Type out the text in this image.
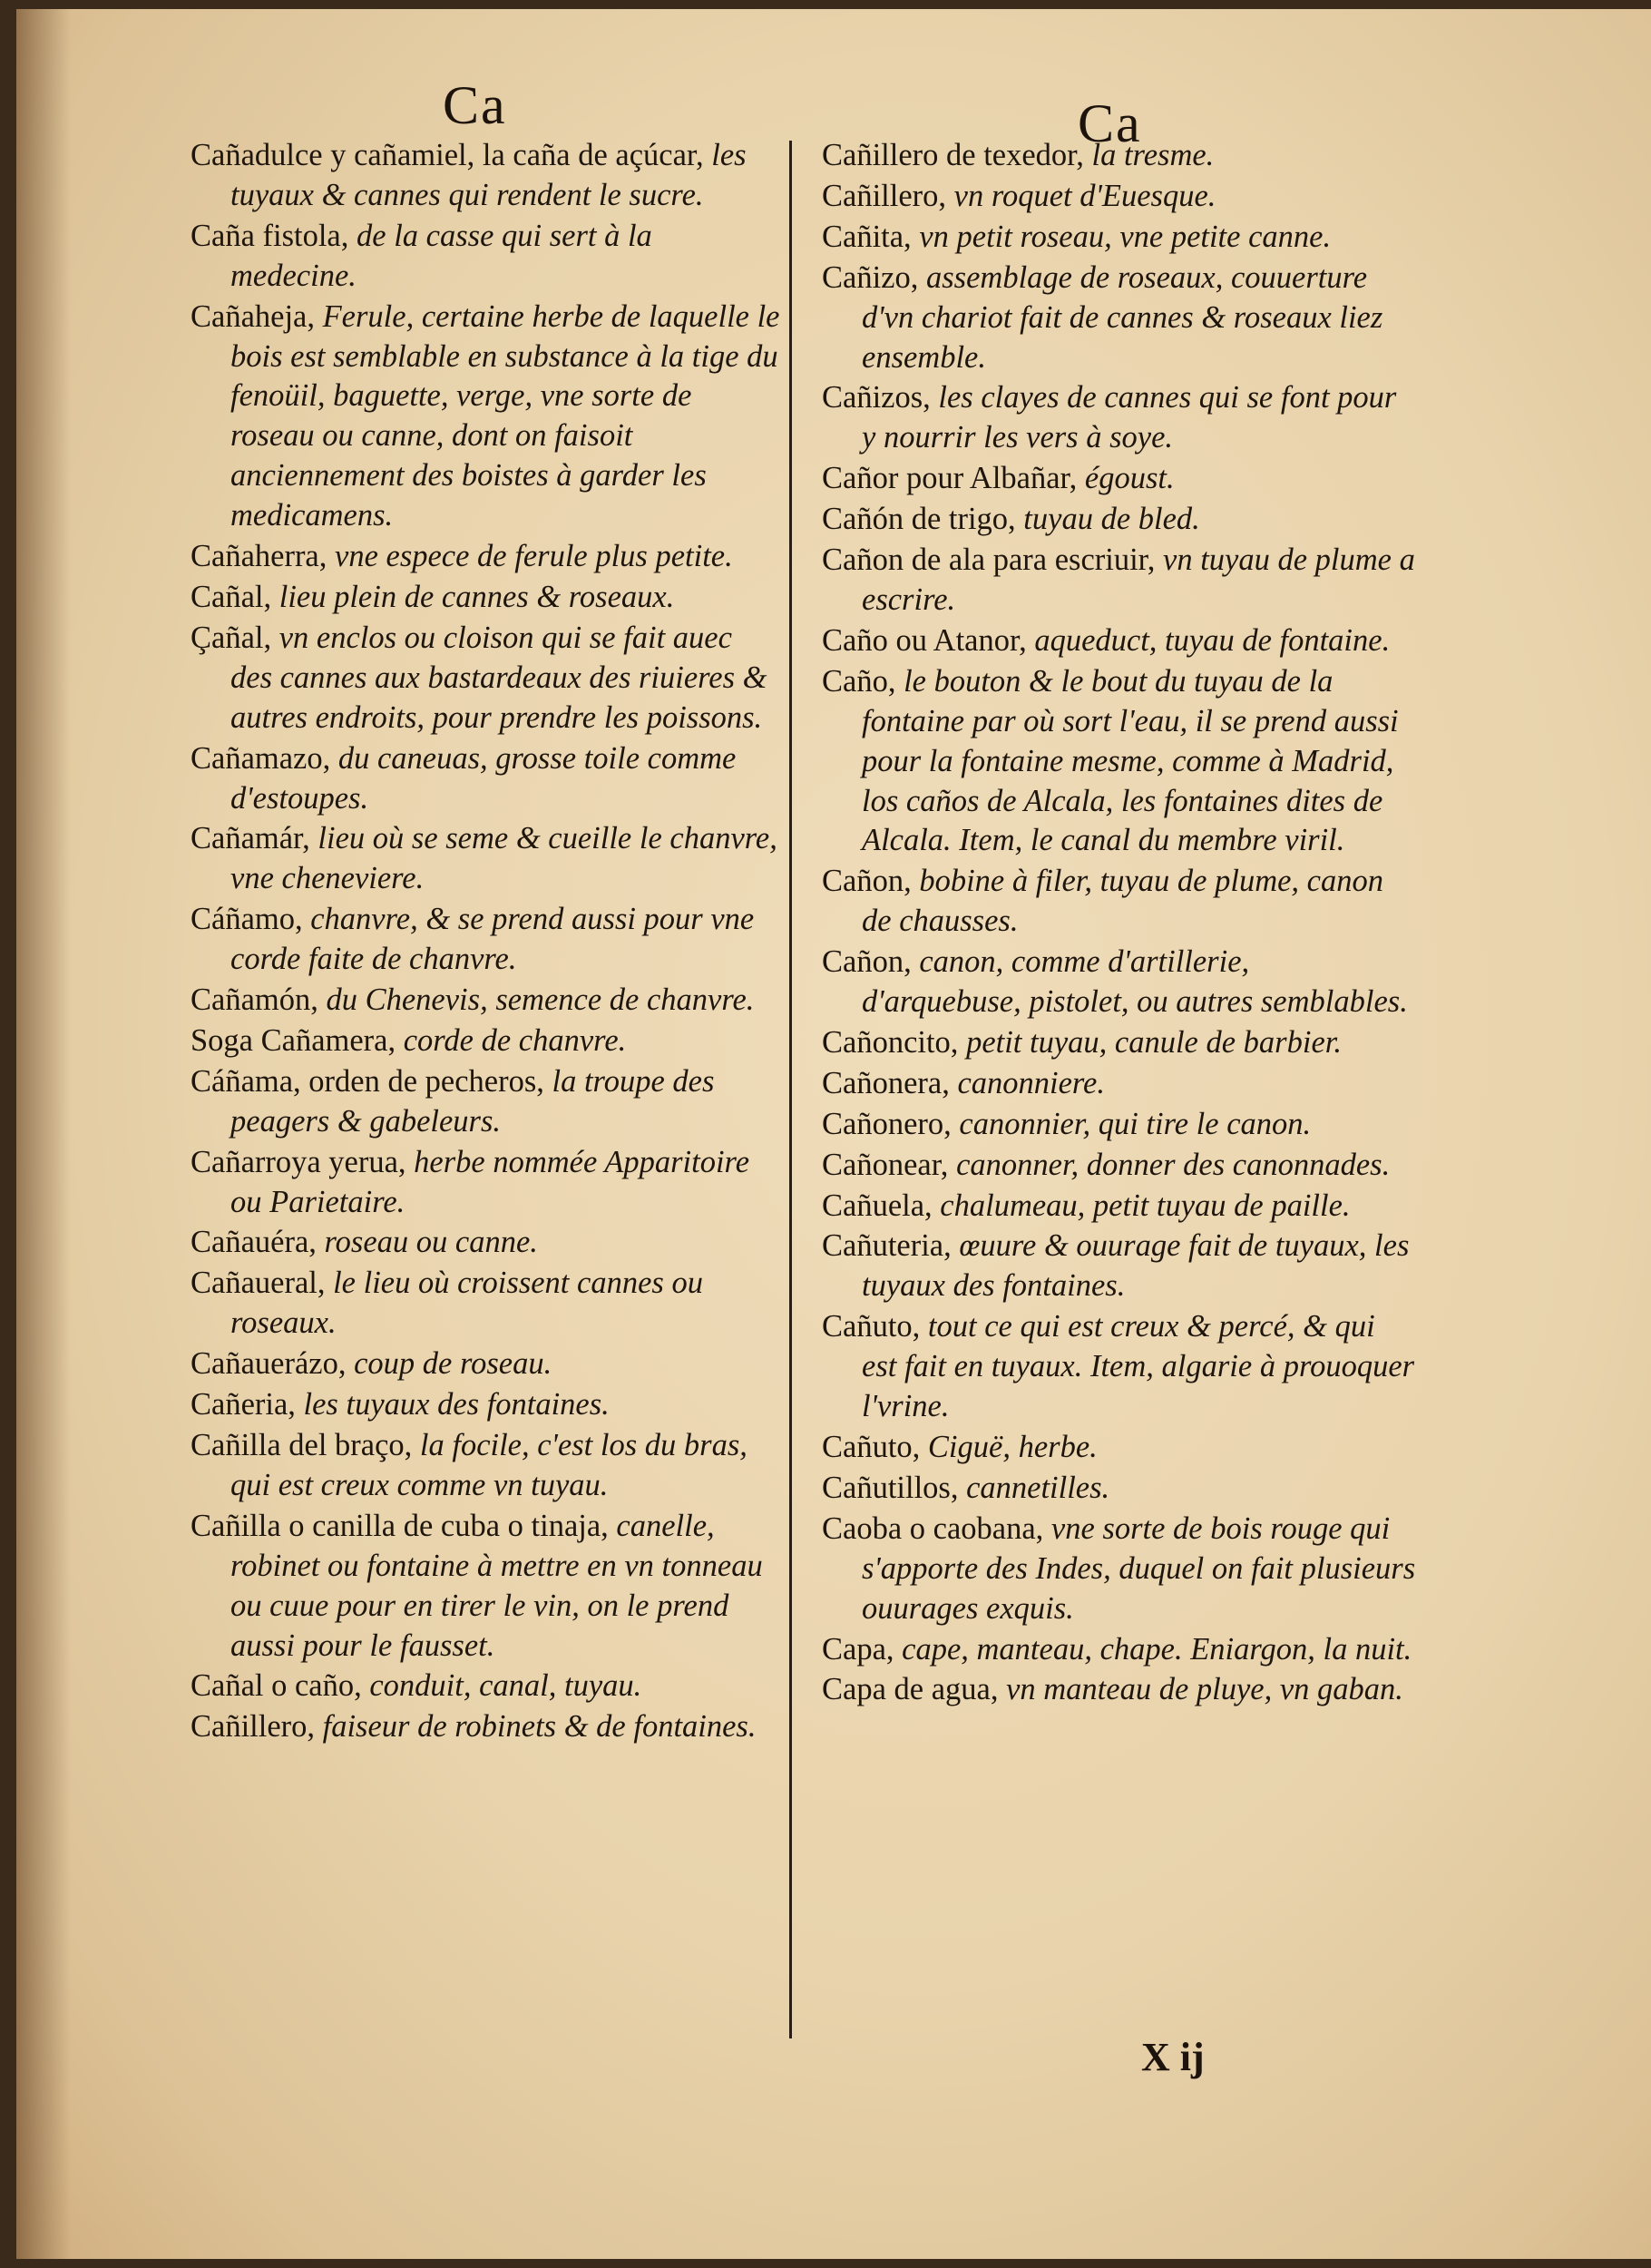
Ca	Ca

Cañadulce y cañamiel, la caña de açúcar, les tuyaux & cannes qui rendent le sucre.

Caña fistola, de la casse qui sert à la medecine.

Cañaheja, Ferule, certaine herbe de laquelle le bois est semblable en substance à la tige du fenoüil, baguette, verge, vne sorte de roseau ou canne, dont on faisoit anciennement des boistes à garder les medicamens.

Cañaherra, vne espece de ferule plus petite.

Cañal, lieu plein de cannes & roseaux.

Çañal, vn enclos ou cloison qui se fait auec des cannes aux bastardeaux des riuieres & autres endroits, pour prendre les poissons.

Cañamazo, du caneuas, grosse toile comme d'estoupes.

Cañamár, lieu où se seme & cueille le chanvre, vne cheneviere.

Cáñamo, chanvre, & se prend aussi pour vne corde faite de chanvre.

Cañamón, du Chenevis, semence de chanvre.

Soga Cañamera, corde de chanvre.

Cáñama, orden de pecheros, la troupe des peagers & gabeleurs.

Cañarroya yerua, herbe nommée Apparitoire ou Parietaire.

Cañauéra, roseau ou canne.

Cañaueral, le lieu où croissent cannes ou roseaux.

Cañauerázo, coup de roseau.

Cañeria, les tuyaux des fontaines.

Cañilla del braço, la focile, c'est los du bras, qui est creux comme vn tuyau.

Cañilla o canilla de cuba o tinaja, canelle, robinet ou fontaine à mettre en vn tonneau ou cuue pour en tirer le vin, on le prend aussi pour le fausset.

Cañal o caño, conduit, canal, tuyau.

Cañillero, faiseur de robinets & de fontaines.

Cañillero de texedor, la tresme.

Cañillero, vn roquet d'Euesque.

Cañita, vn petit roseau, vne petite canne.

Cañizo, assemblage de roseaux, couuerture d'vn chariot fait de cannes & roseaux liez ensemble.

Cañizos, les clayes de cannes qui se font pour y nourrir les vers à soye.

Cañor pour Albañar, égoust.

Cañón de trigo, tuyau de bled.

Cañon de ala para escriuir, vn tuyau de plume a escrire.

Caño ou Atanor, aqueduct, tuyau de fontaine.

Caño, le bouton & le bout du tuyau de la fontaine par où sort l'eau, il se prend aussi pour la fontaine mesme, comme à Madrid, los caños de Alcala, les fontaines dites de Alcala. Item, le canal du membre viril.

Cañon, bobine à filer, tuyau de plume, canon de chausses.

Cañon, canon, comme d'artillerie, d'arquebuse, pistolet, ou autres semblables.

Cañoncito, petit tuyau, canule de barbier.

Cañonera, canonniere.

Cañonero, canonnier, qui tire le canon.

Cañonear, canonner, donner des canonnades.

Cañuela, chalumeau, petit tuyau de paille.

Cañuteria, œuure & ouurage fait de tuyaux, les tuyaux des fontaines.

Cañuto, tout ce qui est creux & percé, & qui est fait en tuyaux. Item, algarie à prouoquer l'vrine.

Cañuto, Ciguë, herbe.

Cañutillos, cannetilles.

Caoba o caobana, vne sorte de bois rouge qui s'apporte des Indes, duquel on fait plusieurs ouurages exquis.

Capa, cape, manteau, chape. Eniargon, la nuit.

Capa de agua, vn manteau de pluye, vn gaban.

X ij
